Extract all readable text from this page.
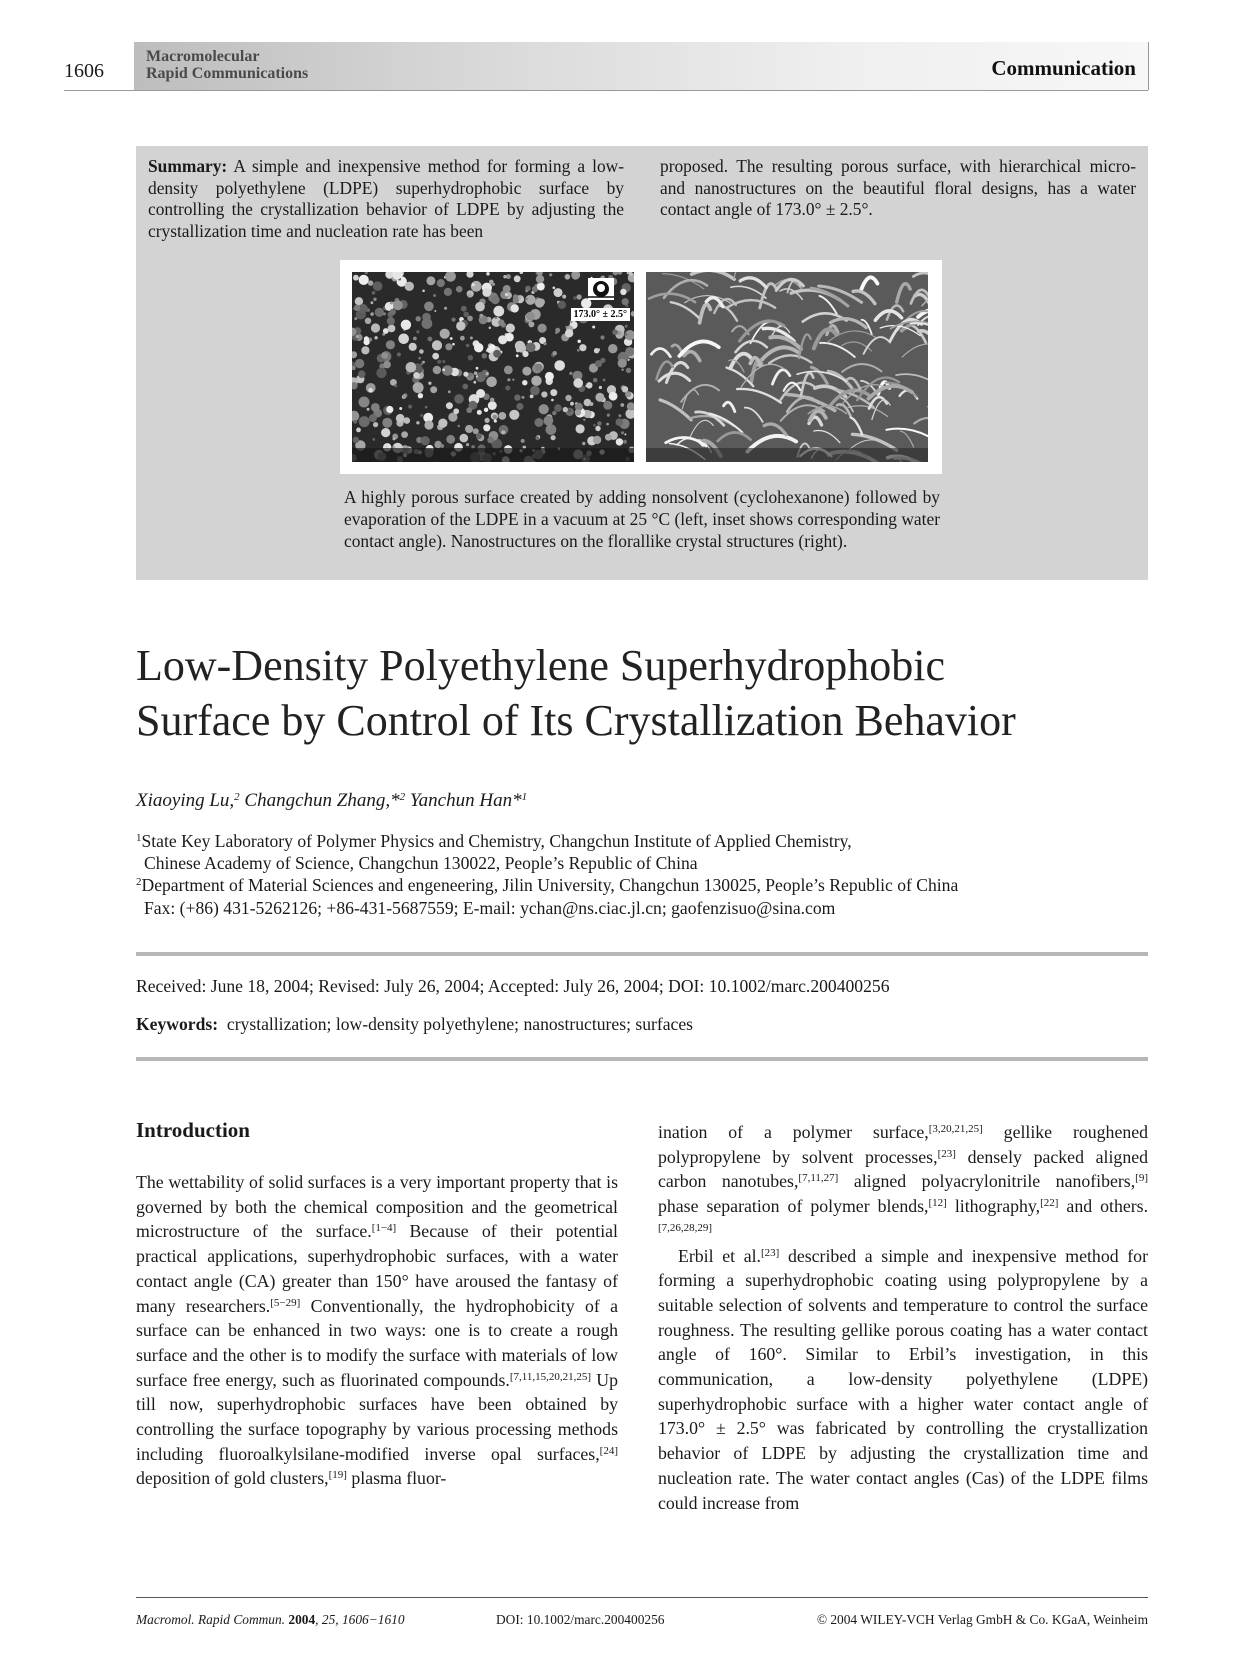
1606
Macromolecular
Rapid Communications	Communication
Summary: A simple and inexpensive method for forming a low-density polyethylene (LDPE) superhydrophobic surface by controlling the crystallization behavior of LDPE by adjusting the crystallization time and nucleation rate has been
proposed. The resulting porous surface, with hierarchical micro- and nanostructures on the beautiful floral designs, has a water contact angle of 173.0° ± 2.5°.
173.0° ± 2.5°
A highly porous surface created by adding nonsolvent (cyclohexanone) followed by evaporation of the LDPE in a vacuum at 25 °C (left, inset shows corresponding water contact angle). Nanostructures on the florallike crystal structures (right).
Low-Density Polyethylene Superhydrophobic
Surface by Control of Its Crystallization Behavior
Xiaoying Lu,$^2$ Changchun Zhang,*$^2$ Yanchun Han*$^1$
$^1$State Key Laboratory of Polymer Physics and Chemistry, Changchun Institute of Applied Chemistry,
Chinese Academy of Science, Changchun 130022, People’s Republic of China
$^2$Department of Material Sciences and engeneering, Jilin University, Changchun 130025, People’s Republic of China
Fax: (+86) 431-5262126; +86-431-5687559; E-mail: ychan@ns.ciac.jl.cn; gaofenzisuo@sina.com
Received: June 18, 2004; Revised: July 26, 2004; Accepted: July 26, 2004; DOI: 10.1002/marc.200400256
Keywords: crystallization; low-density polyethylene; nanostructures; surfaces
Introduction

The wettability of solid surfaces is a very important property that is governed by both the chemical composition and the geometrical microstructure of the surface.[1−4] Because of their potential practical applications, superhydrophobic surfaces, with a water contact angle (CA) greater than 150° have aroused the fantasy of many researchers.[5−29] Conventionally, the hydrophobicity of a surface can be enhanced in two ways: one is to create a rough surface and the other is to modify the surface with materials of low surface free energy, such as fluorinated compounds.[7,11,15,20,21,25] Up till now, superhydrophobic surfaces have been obtained by controlling the surface topography by various processing methods including fluoroalkylsilane-modified inverse opal surfaces,[24] deposition of gold clusters,[19] plasma fluor-

ination of a polymer surface,[3,20,21,25] gellike roughened polypropylene by solvent processes,[23] densely packed aligned carbon nanotubes,[7,11,27] aligned polyacrylonitrile nanofibers,[9] phase separation of polymer blends,[12] lithography,[22] and others.[7,26,28,29]

Erbil et al.[23] described a simple and inexpensive method for forming a superhydrophobic coating using polypropylene by a suitable selection of solvents and temperature to control the surface roughness. The resulting gellike porous coating has a water contact angle of 160°. Similar to Erbil’s investigation, in this communication, a low-density polyethylene (LDPE) superhydrophobic surface with a higher water contact angle of 173.0° ± 2.5° was fabricated by controlling the crystallization behavior of LDPE by adjusting the crystallization time and nucleation rate. The water contact angles (Cas) of the LDPE films could increase from

Macromol. Rapid Commun. 2004, 25, 1606−1610	DOI: 10.1002/marc.200400256	© 2004 WILEY-VCH Verlag GmbH & Co. KGaA, Weinheim
